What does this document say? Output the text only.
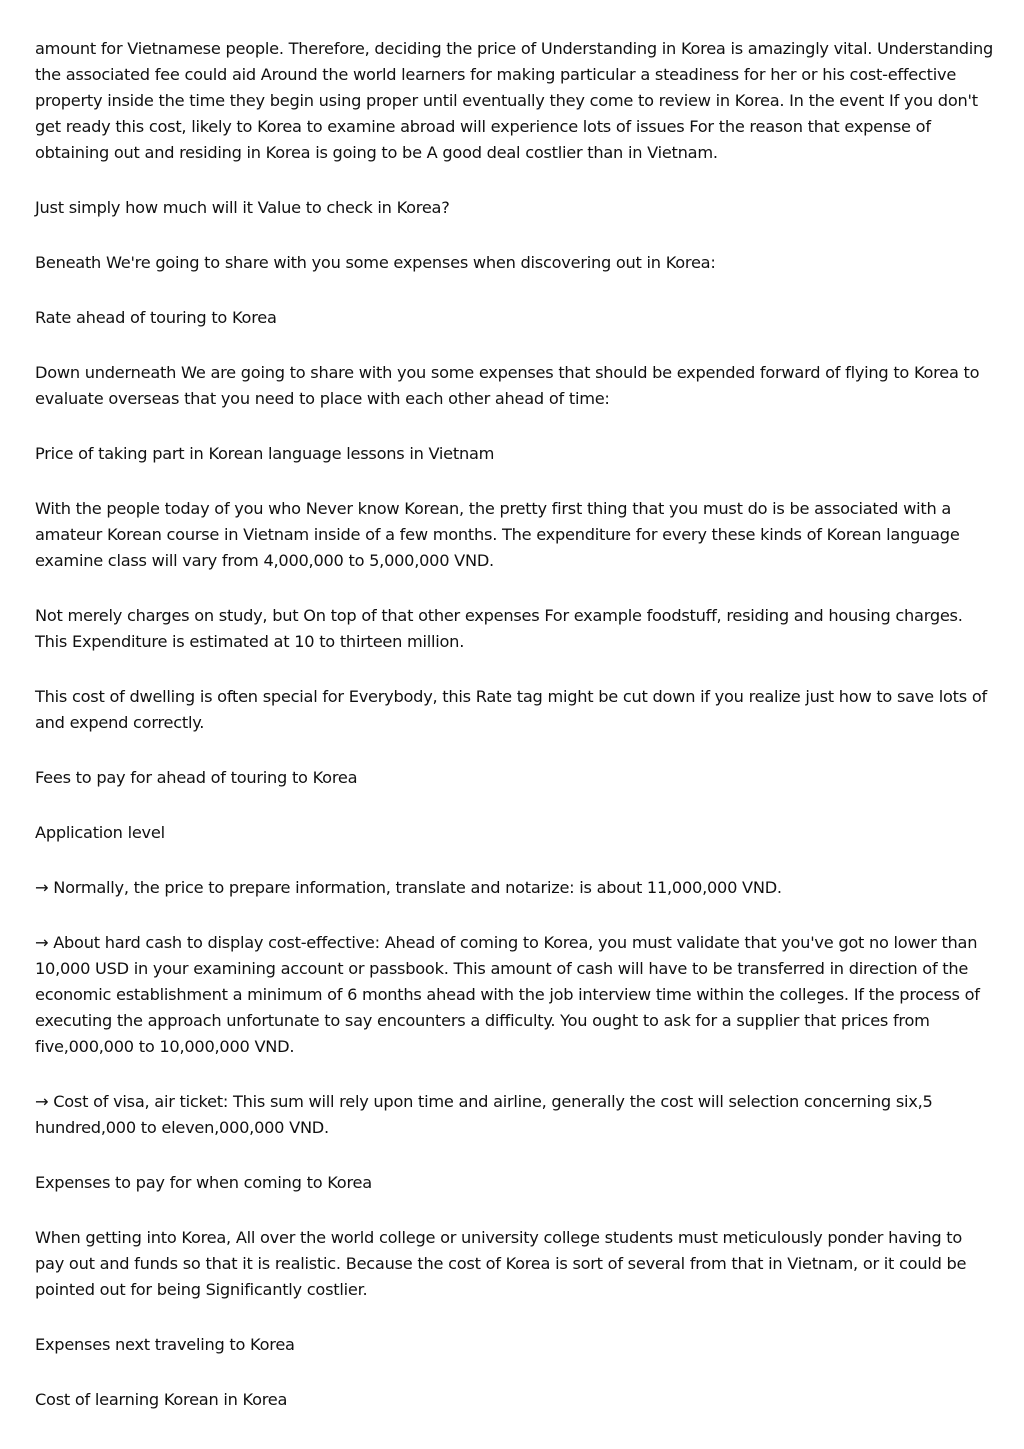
amount for Vietnamese people. Therefore, deciding the price of Understanding in Korea is amazingly vital. Understanding the associated fee could aid Around the world learners for making particular a steadiness for her or his cost-effective property inside the time they begin using proper until eventually they come to review in Korea. In the event If you don't get ready this cost, likely to Korea to examine abroad will experience lots of issues For the reason that expense of obtaining out and residing in Korea is going to be A good deal costlier than in Vietnam.

Just simply how much will it Value to check in Korea?

Beneath We're going to share with you some expenses when discovering out in Korea:

Rate ahead of touring to Korea

Down underneath We are going to share with you some expenses that should be expended forward of flying to Korea to evaluate overseas that you need to place with each other ahead of time:

Price of taking part in Korean language lessons in Vietnam

With the people today of you who Never know Korean, the pretty first thing that you must do is be associated with a amateur Korean course in Vietnam inside of a few months. The expenditure for every these kinds of Korean language examine class will vary from 4,000,000 to 5,000,000 VND.

Not merely charges on study, but On top of that other expenses For example foodstuff, residing and housing charges. This Expenditure is estimated at 10 to thirteen million.

This cost of dwelling is often special for Everybody, this Rate tag might be cut down if you realize just how to save lots of and expend correctly.

Fees to pay for ahead of touring to Korea

Application level

→ Normally, the price to prepare information, translate and notarize: is about 11,000,000 VND.

→ About hard cash to display cost-effective: Ahead of coming to Korea, you must validate that you've got no lower than 10,000 USD in your examining account or passbook. This amount of cash will have to be transferred in direction of the economic establishment a minimum of 6 months ahead with the job interview time within the colleges. If the process of executing the approach unfortunate to say encounters a difficulty. You ought to ask for a supplier that prices from five,000,000 to 10,000,000 VND.

→ Cost of visa, air ticket: This sum will rely upon time and airline, generally the cost will selection concerning six,5 hundred,000 to eleven,000,000 VND.

Expenses to pay for when coming to Korea

When getting into Korea, All over the world college or university college students must meticulously ponder having to pay out and funds so that it is realistic. Because the cost of Korea is sort of several from that in Vietnam, or it could be pointed out for being Significantly costlier.

Expenses next traveling to Korea

Cost of learning Korean in Korea
